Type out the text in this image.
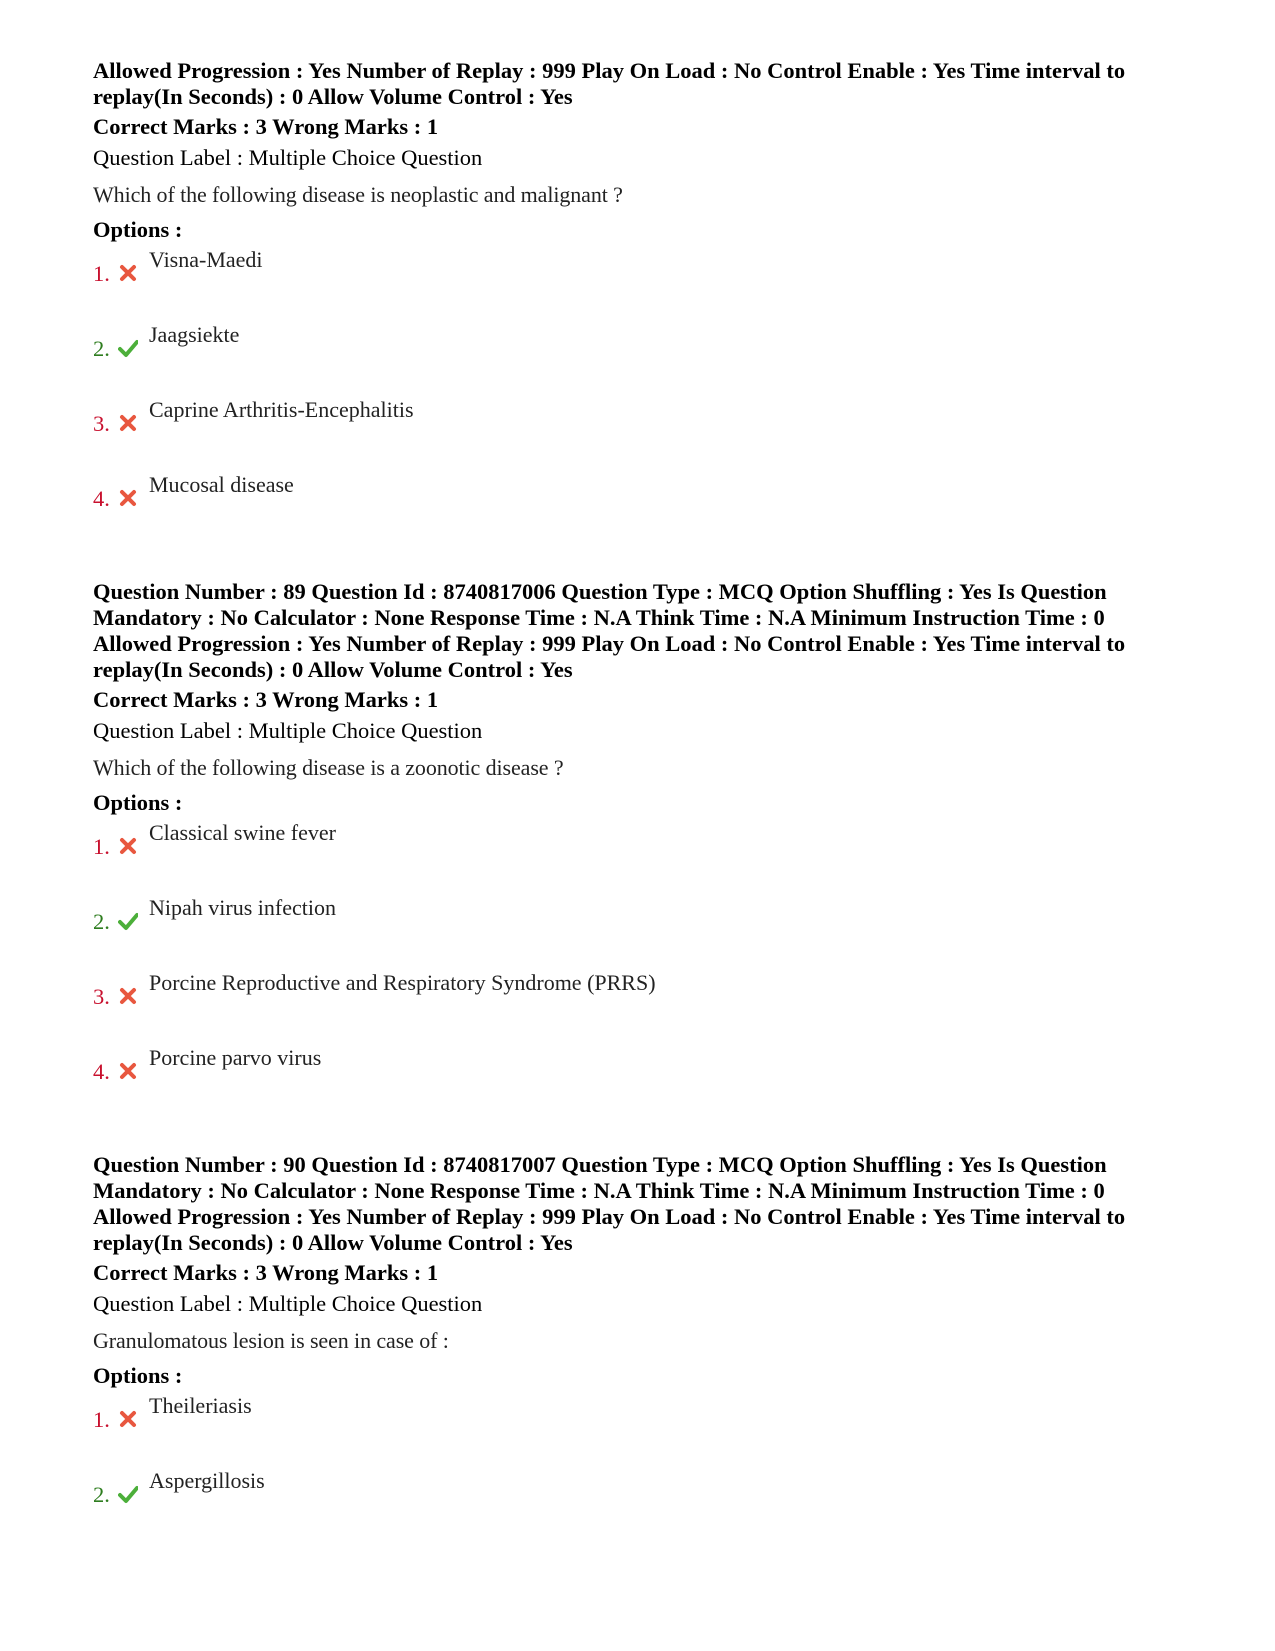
Allowed Progression : Yes Number of Replay : 999 Play On Load : No Control Enable : Yes Time interval to
replay(In Seconds) : 0 Allow Volume Control : Yes
Correct Marks : 3 Wrong Marks : 1
Question Label : Multiple Choice Question
Which of the following disease is neoplastic and malignant ?
Options :
1.
Visna-Maedi
2.
Jaagsiekte
3.
Caprine Arthritis-Encephalitis
4.
Mucosal disease
Question Number : 89 Question Id : 8740817006 Question Type : MCQ Option Shuffling : Yes Is Question
Mandatory : No Calculator : None Response Time : N.A Think Time : N.A Minimum Instruction Time : 0
Allowed Progression : Yes Number of Replay : 999 Play On Load : No Control Enable : Yes Time interval to
replay(In Seconds) : 0 Allow Volume Control : Yes
Correct Marks : 3 Wrong Marks : 1
Question Label : Multiple Choice Question
Which of the following disease is a zoonotic disease ?
Options :
1.
Classical swine fever
2.
Nipah virus infection
3.
Porcine Reproductive and Respiratory Syndrome (PRRS)
4.
Porcine parvo virus
Question Number : 90 Question Id : 8740817007 Question Type : MCQ Option Shuffling : Yes Is Question
Mandatory : No Calculator : None Response Time : N.A Think Time : N.A Minimum Instruction Time : 0
Allowed Progression : Yes Number of Replay : 999 Play On Load : No Control Enable : Yes Time interval to
replay(In Seconds) : 0 Allow Volume Control : Yes
Correct Marks : 3 Wrong Marks : 1
Question Label : Multiple Choice Question
Granulomatous lesion is seen in case of :
Options :
1.
Theileriasis
2.
Aspergillosis
